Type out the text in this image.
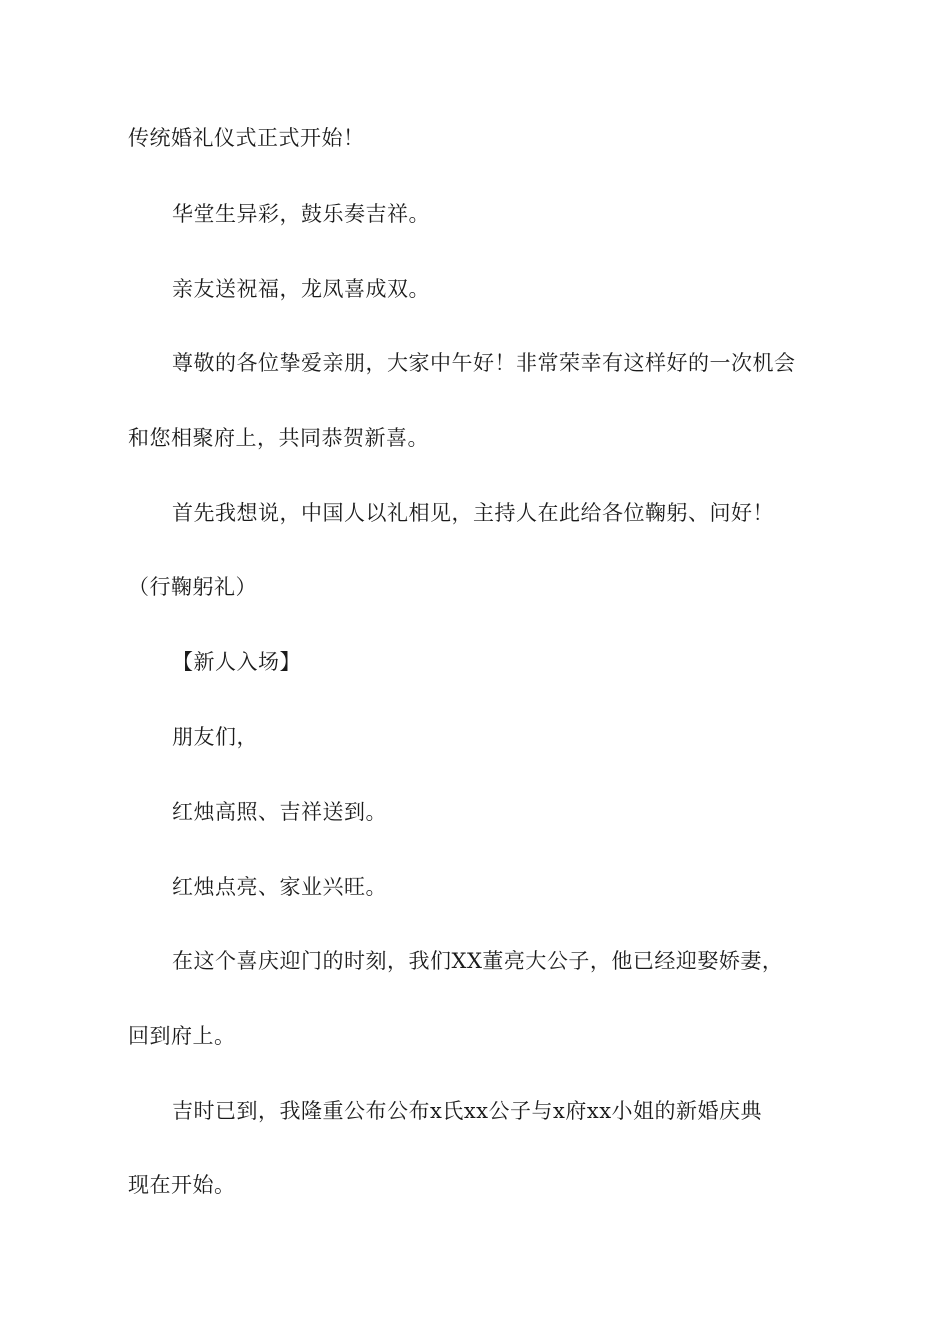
传统婚礼仪式正式开始！
华堂生异彩，鼓乐奏吉祥。
亲友送祝福，龙凤喜成双。
尊敬的各位挚爱亲朋，大家中午好！非常荣幸有这样好的一次机会
和您相聚府上，共同恭贺新喜。
首先我想说，中国人以礼相见，主持人在此给各位鞠躬、问好！
（行鞠躬礼）
【新人入场】
朋友们，
红烛高照、吉祥送到。
红烛点亮、家业兴旺。
在这个喜庆迎门的时刻，我们XX董亮大公子，他已经迎娶娇妻，
回到府上。
吉时已到，我隆重公布公布x氏xx公子与x府xx小姐的新婚庆典
现在开始。
